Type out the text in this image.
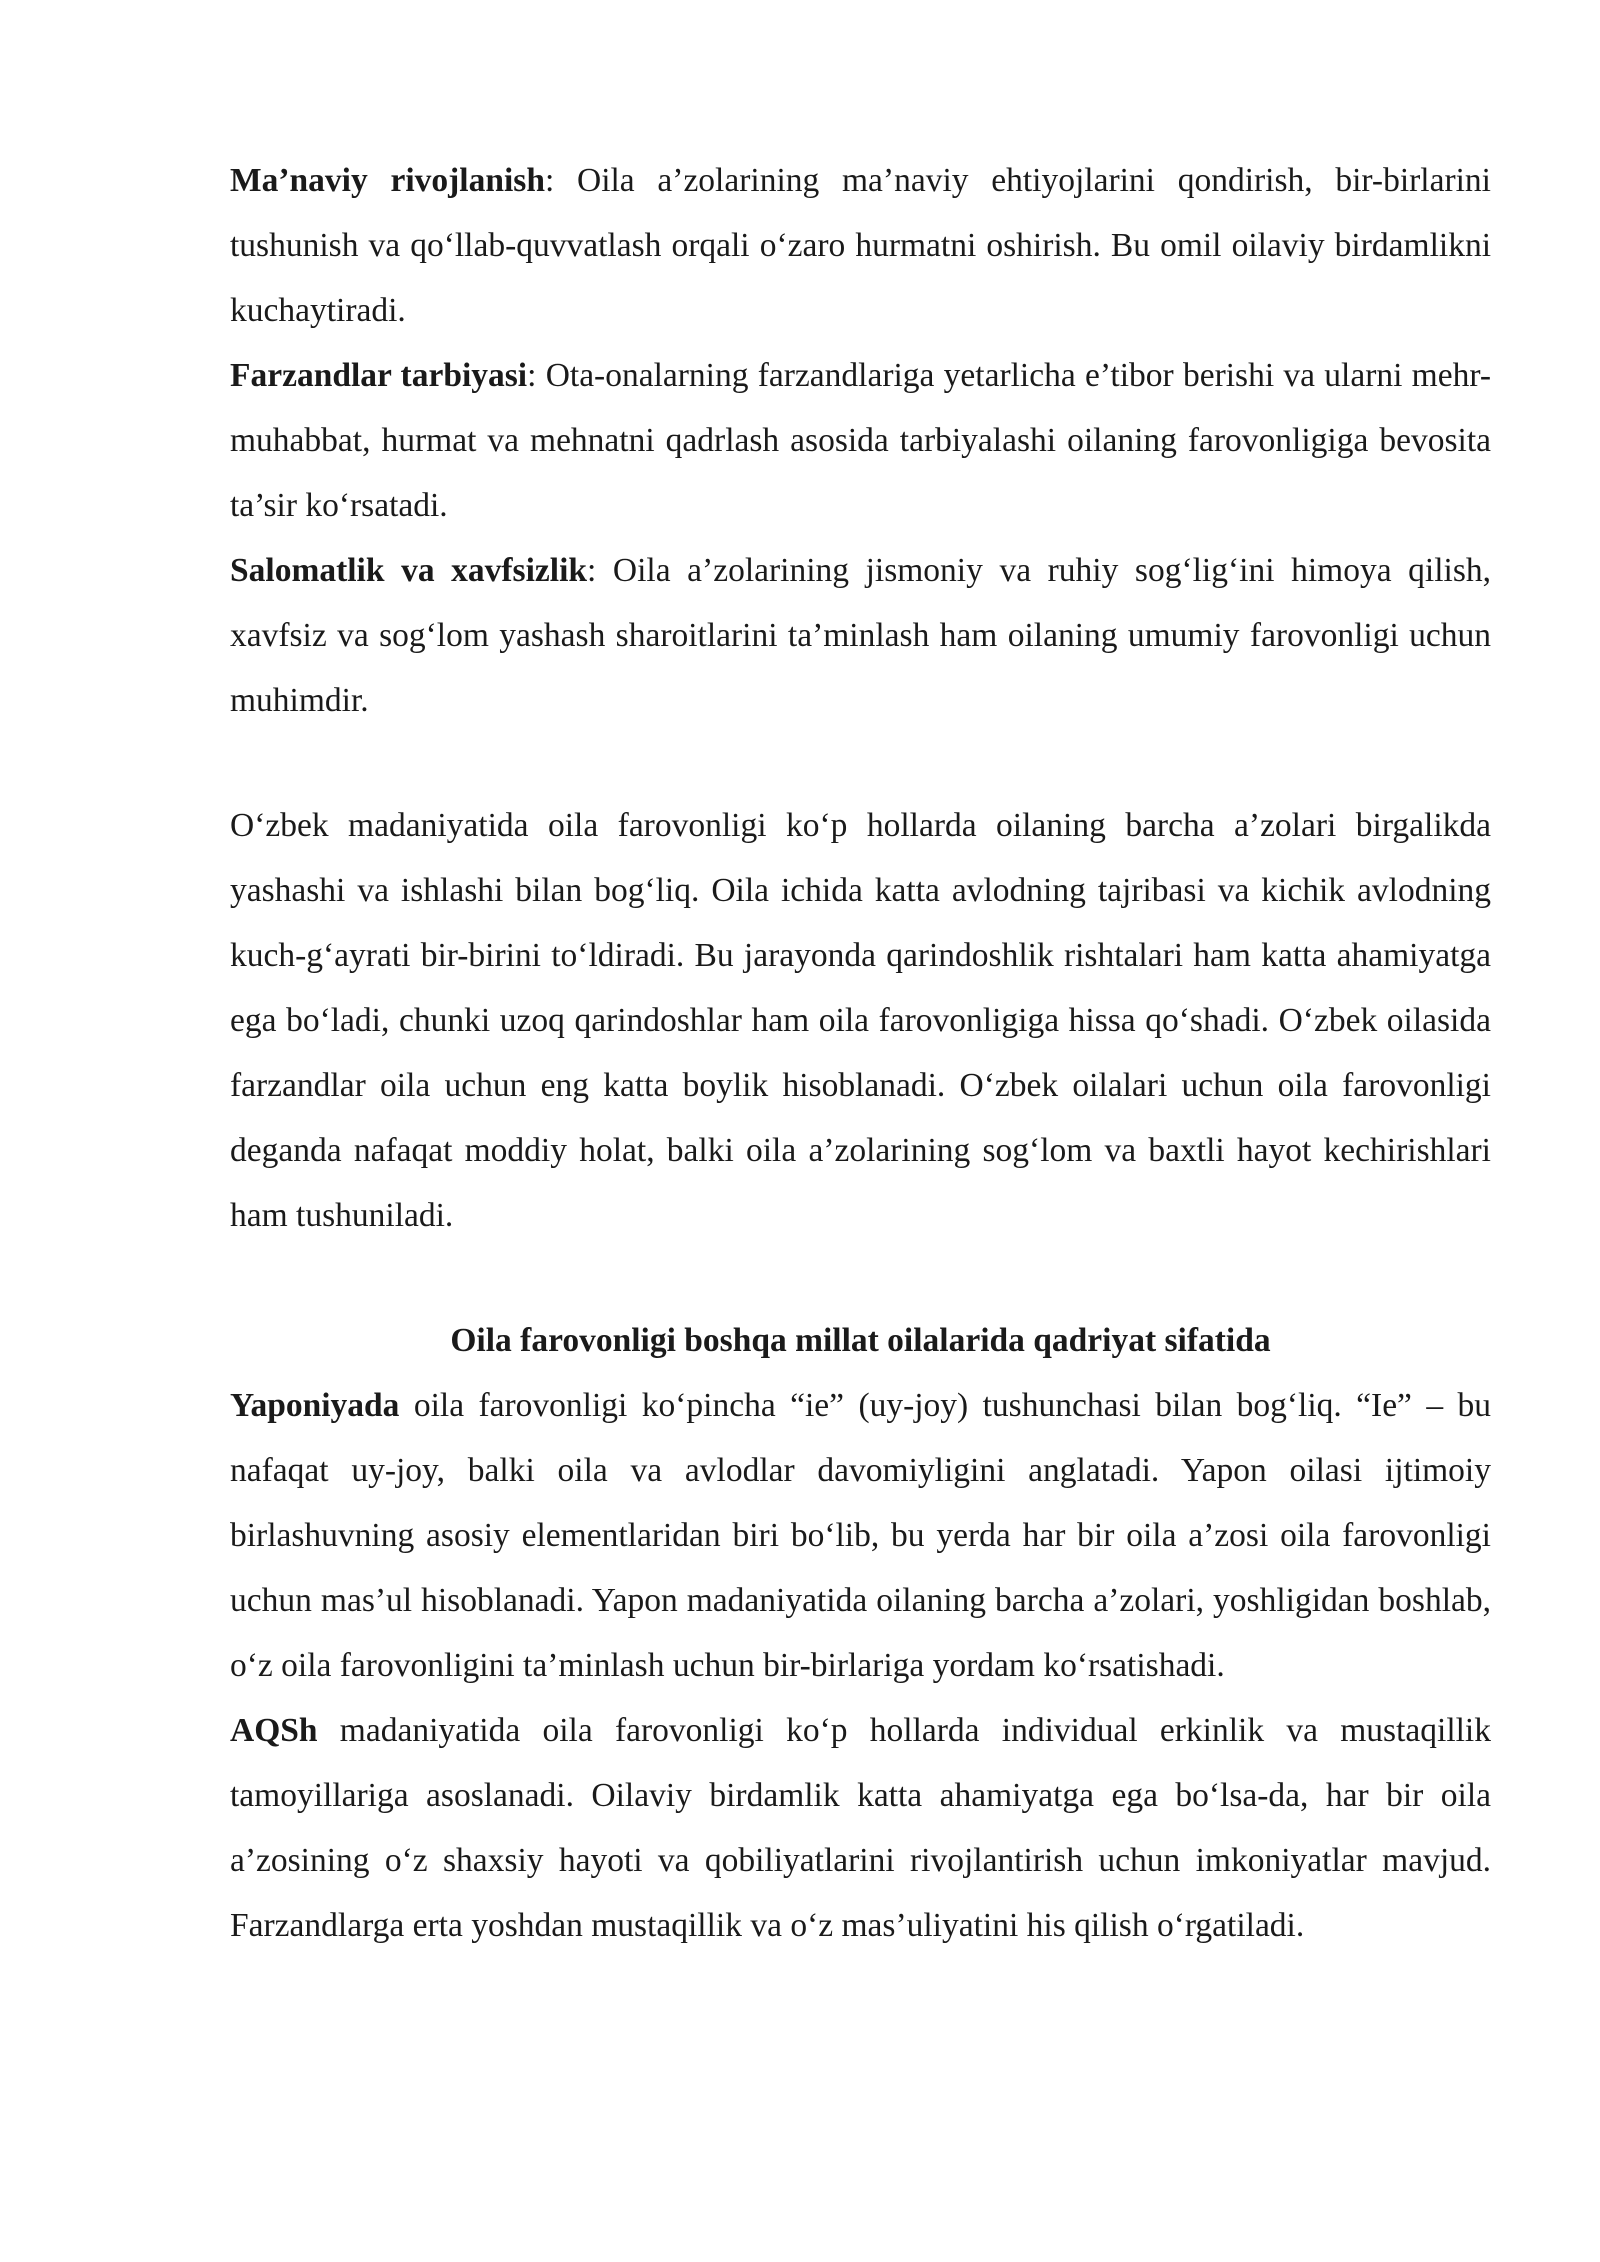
Ma’naviy rivojlanish: Oila a’zolarining ma’naviy ehtiyojlarini qondirish, bir-birlarini tushunish va qo‘llab-quvvatlash orqali o‘zaro hurmatni oshirish. Bu omil oilaviy birdamlikni kuchaytiradi.

Farzandlar tarbiyasi: Ota-onalarning farzandlariga yetarlicha e’tibor berishi va ularni mehr-muhabbat, hurmat va mehnatni qadrlash asosida tarbiyalashi oilaning farovonligiga bevosita ta’sir ko‘rsatadi.

Salomatlik va xavfsizlik: Oila a’zolarining jismoniy va ruhiy sog‘lig‘ini himoya qilish, xavfsiz va sog‘lom yashash sharoitlarini ta’minlash ham oilaning umumiy farovonligi uchun muhimdir.

O‘zbek madaniyatida oila farovonligi ko‘p hollarda oilaning barcha a’zolari birgalikda yashashi va ishlashi bilan bog‘liq. Oila ichida katta avlodning tajribasi va kichik avlodning kuch-g‘ayrati bir-birini to‘ldiradi. Bu jarayonda qarindoshlik rishtalari ham katta ahamiyatga ega bo‘ladi, chunki uzoq qarindoshlar ham oila farovonligiga hissa qo‘shadi. O‘zbek oilasida farzandlar oila uchun eng katta boylik hisoblanadi. O‘zbek oilalari uchun oila farovonligi deganda nafaqat moddiy holat, balki oila a’zolarining sog‘lom va baxtli hayot kechirishlari ham tushuniladi.

Oila farovonligi boshqa millat oilalarida qadriyat sifatida

Yaponiyada oila farovonligi ko‘pincha “ie” (uy-joy) tushunchasi bilan bog‘liq. “Ie” – bu nafaqat uy-joy, balki oila va avlodlar davomiyligini anglatadi. Yapon oilasi ijtimoiy birlashuvning asosiy elementlaridan biri bo‘lib, bu yerda har bir oila a’zosi oila farovonligi uchun mas’ul hisoblanadi. Yapon madaniyatida oilaning barcha a’zolari, yoshligidan boshlab, o‘z oila farovonligini ta’minlash uchun bir-birlariga yordam ko‘rsatishadi.

AQSh madaniyatida oila farovonligi ko‘p hollarda individual erkinlik va mustaqillik tamoyillariga asoslanadi. Oilaviy birdamlik katta ahamiyatga ega bo‘lsa-da, har bir oila a’zosining o‘z shaxsiy hayoti va qobiliyatlarini rivojlantirish uchun imkoniyatlar mavjud. Farzandlarga erta yoshdan mustaqillik va o‘z mas’uliyatini his qilish o‘rgatiladi.
